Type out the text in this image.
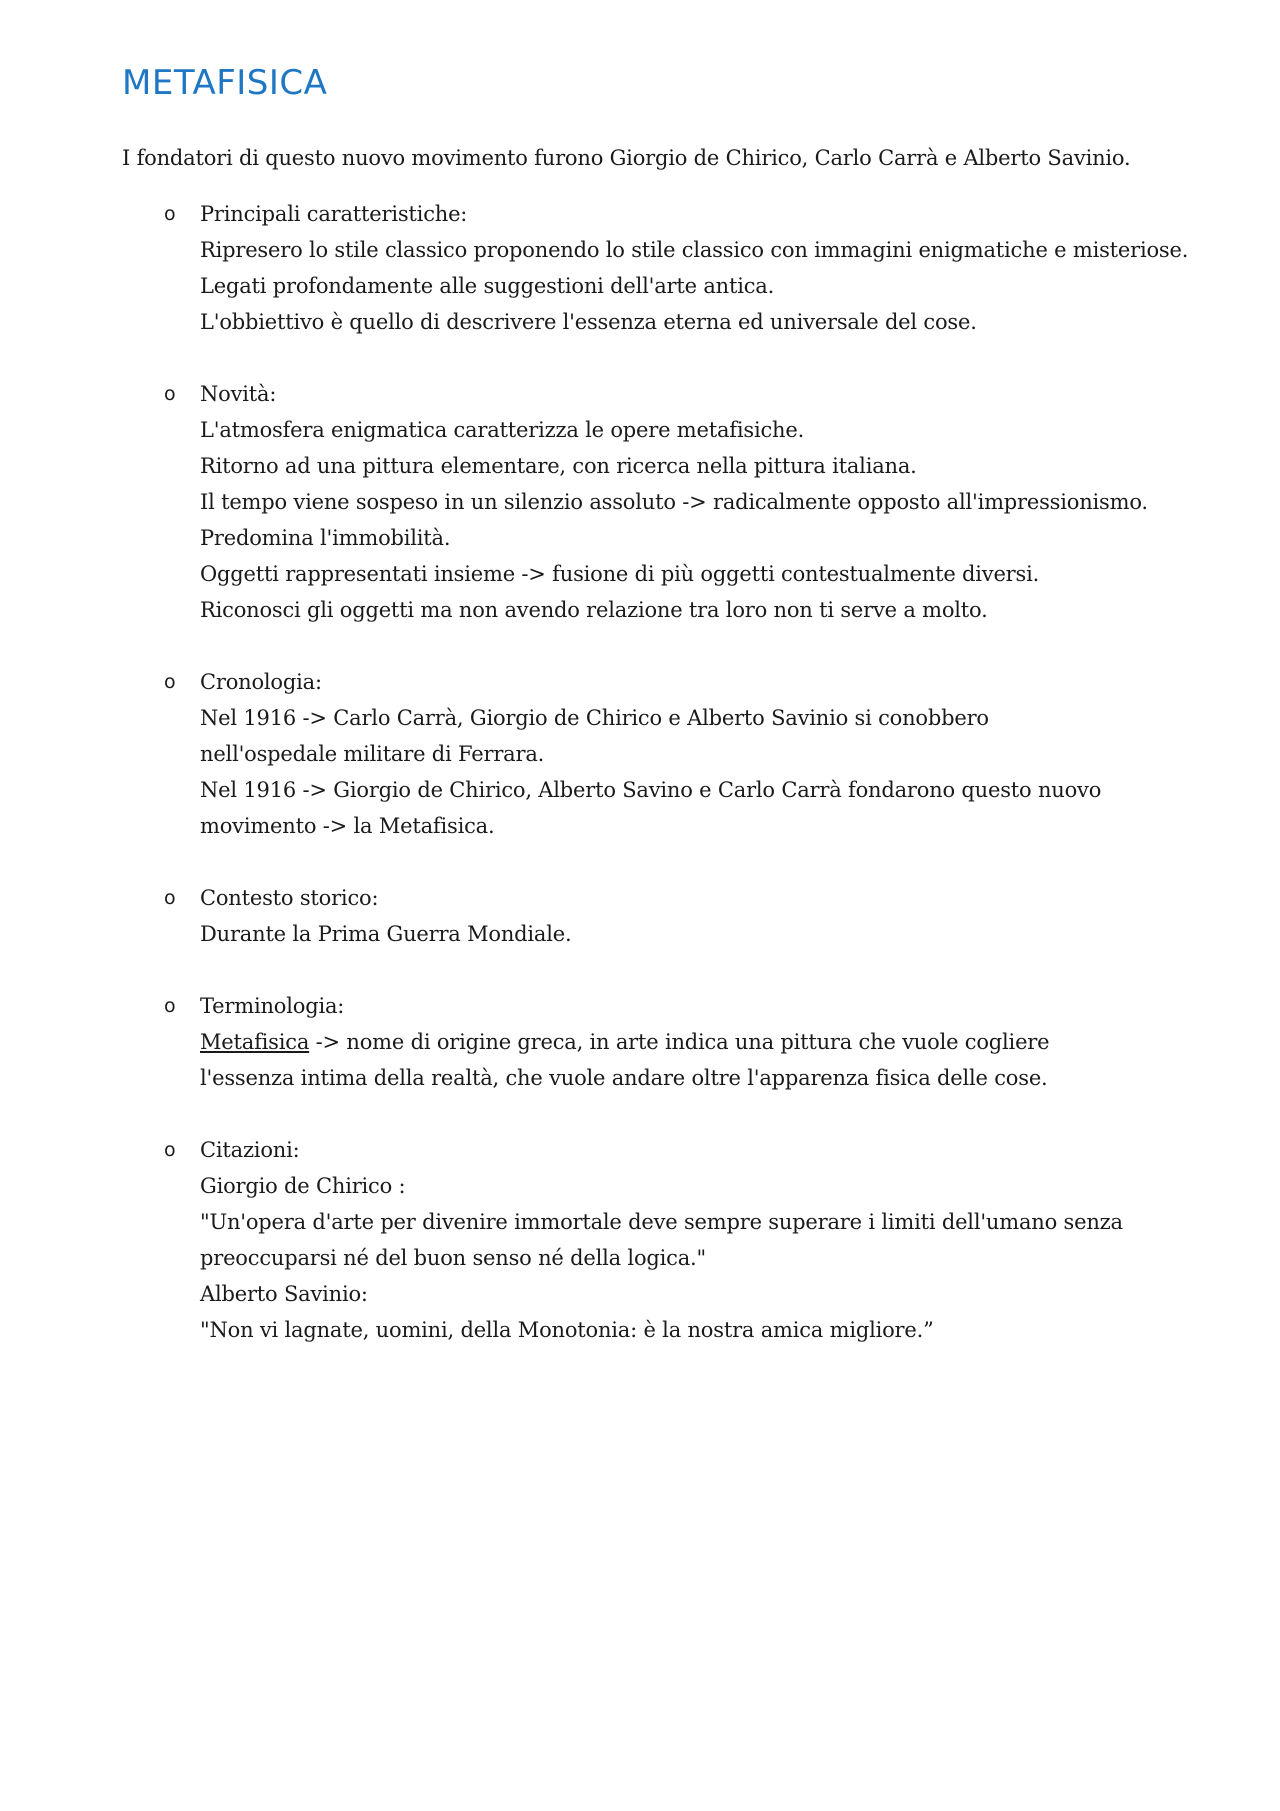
METAFISICA

I fondatori di questo nuovo movimento furono Giorgio de Chirico, Carlo Carrà e Alberto Savinio.

o Principali caratteristiche:
Ripresero lo stile classico proponendo lo stile classico con immagini enigmatiche e misteriose.
Legati profondamente alle suggestioni dell'arte antica.
L'obbiettivo è quello di descrivere l'essenza eterna ed universale del cose.
o Novità:
L'atmosfera enigmatica caratterizza le opere metafisiche.
Ritorno ad una pittura elementare, con ricerca nella pittura italiana.
Il tempo viene sospeso in un silenzio assoluto -> radicalmente opposto all'impressionismo.
Predomina l'immobilità.
Oggetti rappresentati insieme -> fusione di più oggetti contestualmente diversi.
Riconosci gli oggetti ma non avendo relazione tra loro non ti serve a molto.
o Cronologia:
Nel 1916 -> Carlo Carrà, Giorgio de Chirico e Alberto Savinio si conobbero nell'ospedale militare di Ferrara.
Nel 1916 -> Giorgio de Chirico, Alberto Savino e Carlo Carrà fondarono questo nuovo movimento -> la Metafisica.
o Contesto storico:
Durante la Prima Guerra Mondiale.
o Terminologia:
Metafisica -> nome di origine greca, in arte indica una pittura che vuole cogliere l'essenza intima della realtà, che vuole andare oltre l'apparenza fisica delle cose.
o Citazioni:
Giorgio de Chirico :
"Un'opera d'arte per divenire immortale deve sempre superare i limiti dell'umano senza preoccuparsi né del buon senso né della logica."
Alberto Savinio:
"Non vi lagnate, uomini, della Monotonia: è la nostra amica migliore.”
